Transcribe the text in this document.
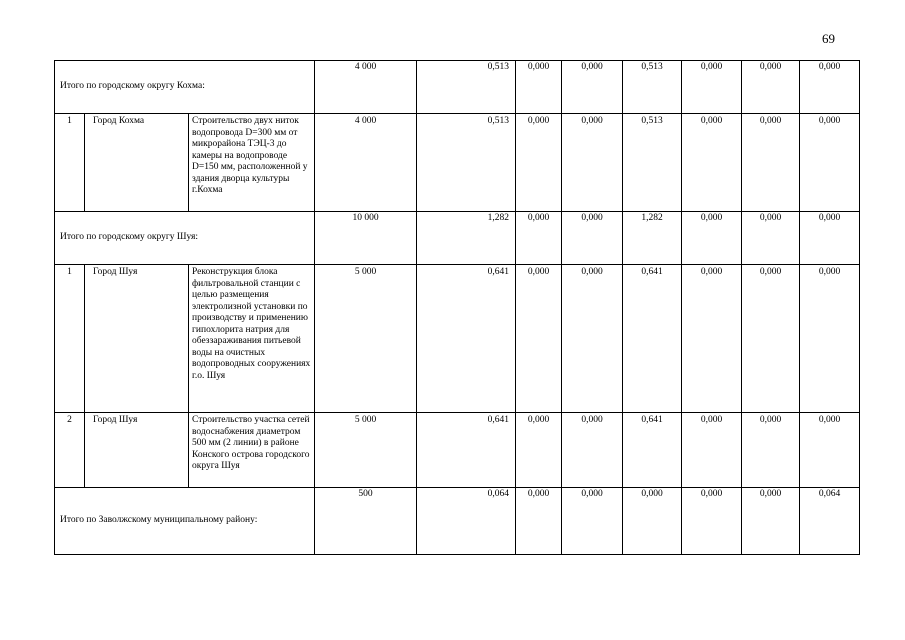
69
Итого по городскому округу Кохма:			4 000	0,513	0,000	0,000	0,513	0,000	0,000	0,000
1	Город Кохма	Строительство двух ниток водопровода D=300 мм от микрорайона ТЭЦ-3 до камеры на водопроводе D=150 мм, расположенной у здания дворца культуры г.Кохма	4 000	0,513	0,000	0,000	0,513	0,000	0,000	0,000
Итого по городскому округу Шуя:			10 000	1,282	0,000	0,000	1,282	0,000	0,000	0,000
1	Город Шуя	Реконструкция блока фильтровальной станции с целью размещения электролизной установки по производству и применению гипохлорита натрия для обеззараживания питьевой воды на очистных водопроводных сооружениях г.о. Шуя	5 000	0,641	0,000	0,000	0,641	0,000	0,000	0,000
2	Город Шуя	Строительство участка сетей водоснабжения диаметром 500 мм (2 линии) в районе Конского острова городского округа Шуя	5 000	0,641	0,000	0,000	0,641	0,000	0,000	0,000
Итого по Заволжскому муниципальному району:			500	0,064	0,000	0,000	0,000	0,000	0,000	0,064
